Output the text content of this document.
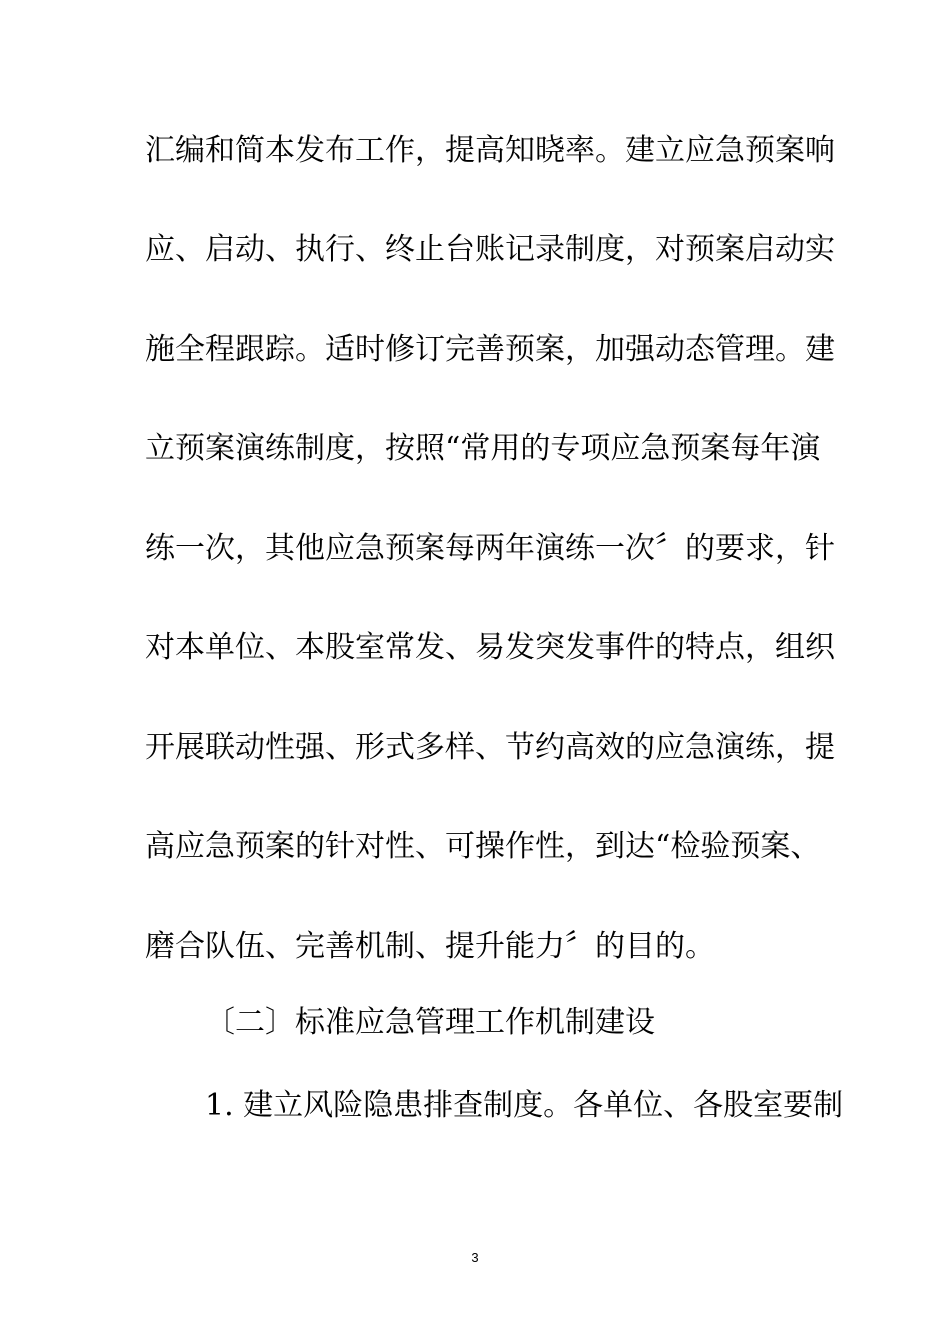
汇编和简本发布工作，提高知晓率。建立应急预案响
应、启动、执行、终止台账记录制度，对预案启动实
施全程跟踪。适时修订完善预案，加强动态管理。建
立预案演练制度，按照“常用的专项应急预案每年演
练一次，其他应急预案每两年演练一次〞的要求，针
对本单位、本股室常发、易发突发事件的特点，组织
开展联动性强、形式多样、节约高效的应急演练，提
高应急预案的针对性、可操作性，到达“检验预案、
磨合队伍、完善机制、提升能力〞的目的。
〔二〕标准应急管理工作机制建设
1. 建立风险隐患排查制度。各单位、各股室要制
3
